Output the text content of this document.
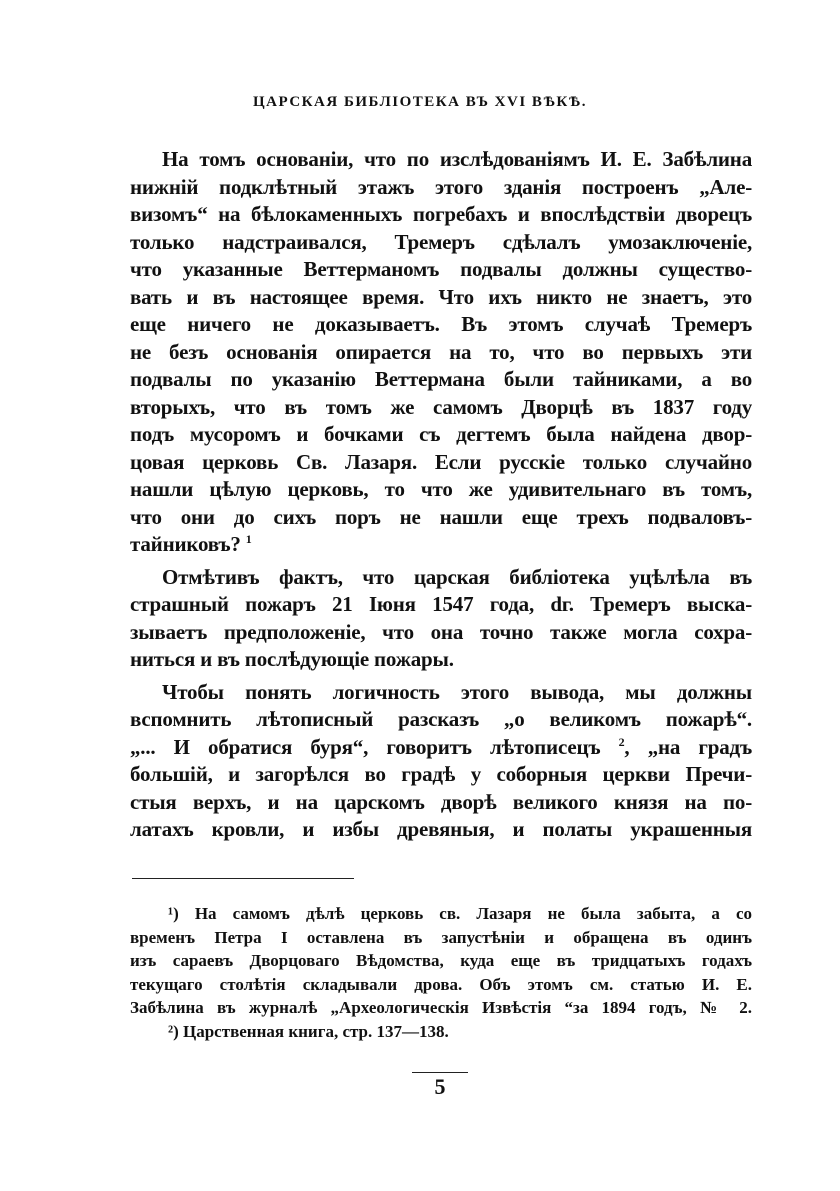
ЦАРСКАЯ БИБЛІОТЕКА ВЪ XVI ВѢКѢ.
На томъ основаніи, что по изслѣдованіямъ И. Е. Забѣлина
нижній подклѣтный этажъ этого зданія построенъ „Але-
визомъ“ на бѣлокаменныхъ погребахъ и впослѣдствіи дворецъ
только надстраивался, Тремеръ сдѣлалъ умозаключеніе,
что указанные Веттерманомъ подвалы должны существо-
вать и въ настоящее время. Что ихъ никто не знаетъ, это
еще ничего не доказываетъ. Въ этомъ случаѣ Тремеръ
не безъ основанія опирается на то, что во первыхъ эти
подвалы по указанію Веттермана были тайниками, а во
вторыхъ, что въ томъ же самомъ Дворцѣ въ 1837 году
подъ мусоромъ и бочками съ дегтемъ была найдена двор-
цовая церковь Св. Лазаря. Если русскіе только случайно
нашли цѣлую церковь, то что же удивительнаго въ томъ,
что они до сихъ поръ не нашли еще трехъ подваловъ-
тайниковъ? $^1$
Отмѣтивъ фактъ, что царская библіотека уцѣлѣла въ
страшный пожаръ 21 Іюня 1547 года, dг. Тремеръ выска-
зываетъ предположеніе, что она точно также могла сохра-
ниться и въ послѣдующіе пожары.
Чтобы понять логичность этого вывода, мы должны
вспомнить лѣтописный разсказъ „о великомъ пожарѣ“.
„... И обратися буря“, говоритъ лѣтописецъ $^2$, „на градъ
большій, и загорѣлся во градѣ у соборныя церкви Пречи-
стыя верхъ, и на царскомъ дворѣ великого князя на по-
латахъ кровли, и избы древяныя, и полаты украшенныя
¹) На самомъ дѣлѣ церковь св. Лазаря не была забыта, а со
временъ Петра I оставлена въ запустѣніи и обращена въ одинъ
изъ сараевъ Дворцоваго Вѣдомства, куда еще въ тридцатыхъ годахъ
текущаго столѣтія складывали дрова. Объ этомъ см. статью И. Е.
Забѣлина въ журналѣ „Археологическія Извѣстія “за 1894 годъ, № 2.
²) Царственная книга, стр. 137—138.
5
